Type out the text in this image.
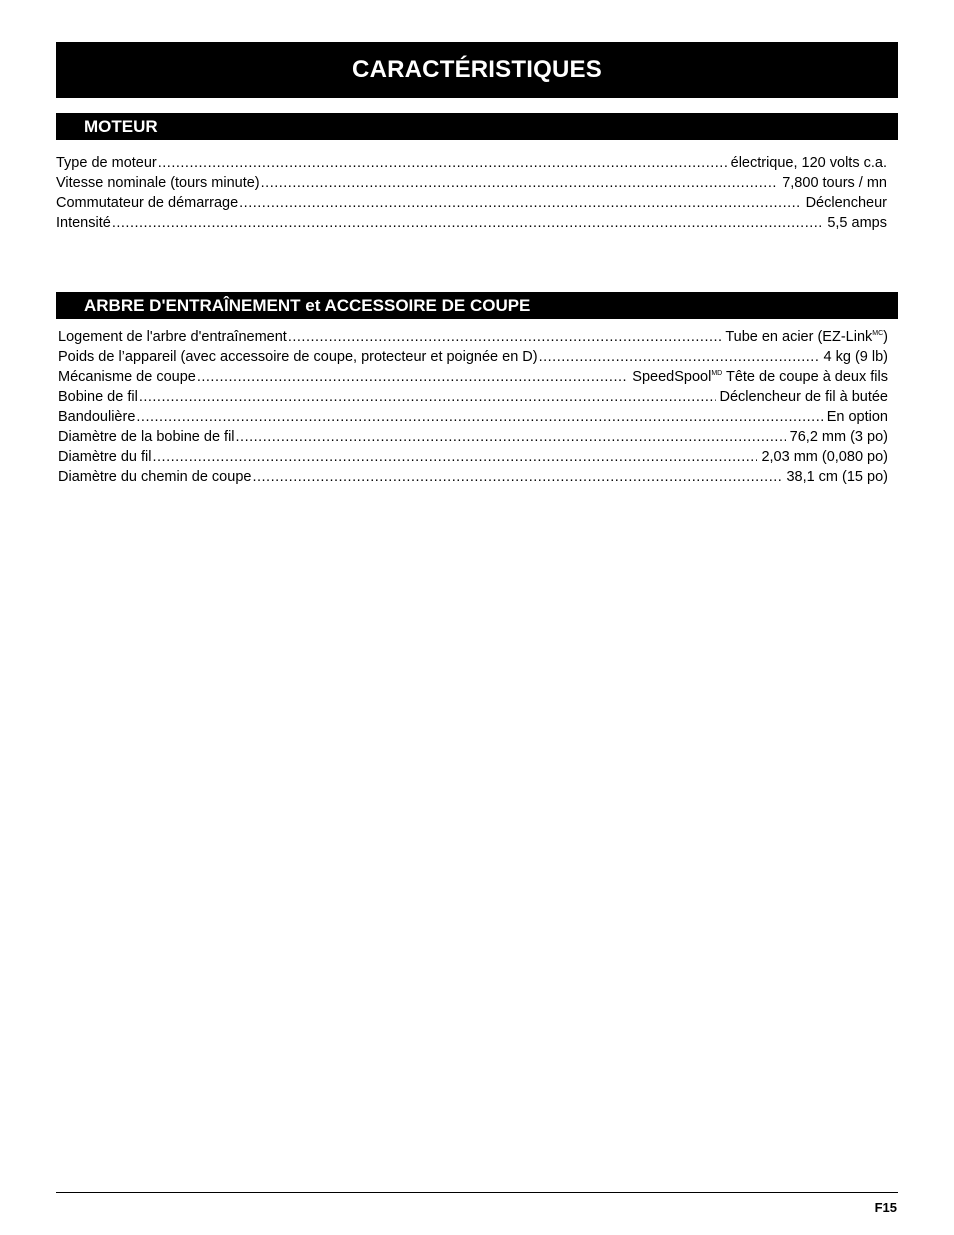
CARACTÉRISTIQUES
MOTEUR
Type de moteur .....	électrique, 120 volts c.a.
Vitesse nominale (tours minute) .....	7,800 tours / mn
Commutateur de démarrage .....	Déclencheur
Intensité .....	5,5 amps
ARBRE D'ENTRAÎNEMENT et ACCESSOIRE DE COUPE
Logement de l'arbre d'entraînement .....	Tube en acier (EZ-Link$^{MC}$)
Poids de l’appareil (avec accessoire de coupe, protecteur et poignée en D) .....	4 kg (9 lb)
Mécanisme de coupe .....	SpeedSpool$^{MD}$ Tête de coupe à deux fils
Bobine de fil .....	Déclencheur de fil à butée
Bandoulière .....	En option
Diamètre de la bobine de fil .....	76,2 mm (3 po)
Diamètre du fil .....	2,03 mm (0,080 po)
Diamètre du chemin de coupe .....	38,1 cm (15 po)
F15
